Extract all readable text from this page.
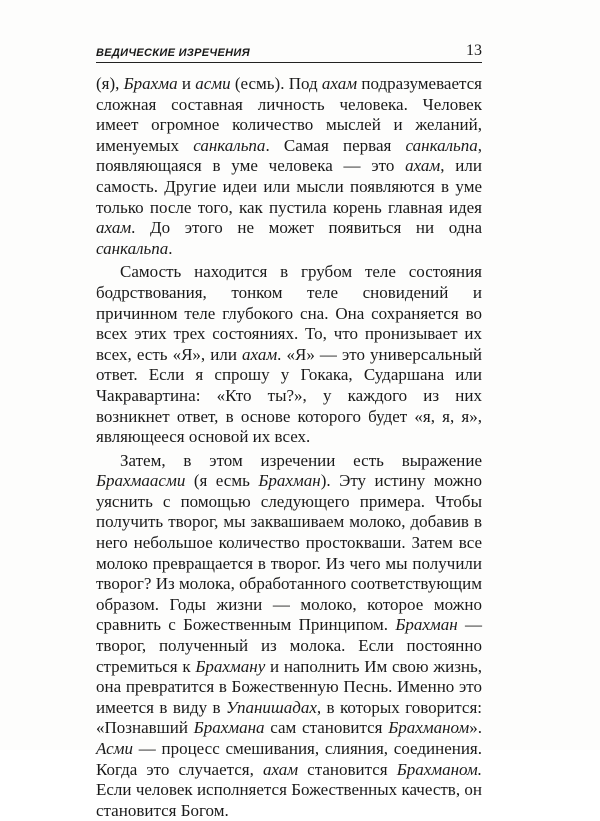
ВЕДИЧЕСКИЕ ИЗРЕЧЕНИЯ	13

(я), Брахма и асми (есмь). Под ахам подразумевается сложная составная личность человека. Человек имеет огромное количество мыслей и желаний, именуемых санкальпа. Самая первая санкальпа, появляющаяся в уме человека — это ахам, или самость. Другие идеи или мысли появляются в уме только после того, как пустила корень главная идея ахам. До этого не может появиться ни одна санкальпа.

Самость находится в грубом теле состояния бодрствования, тонком теле сновидений и причинном теле глубокого сна. Она сохраняется во всех этих трех состояниях. То, что пронизывает их всех, есть «Я», или ахам. «Я» — это универсальный ответ. Если я спрошу у Гокака, Сударшана или Чакравартина: «Кто ты?», у каждого из них возникнет ответ, в основе которого будет «я, я, я», являющееся основой их всех.

Затем, в этом изречении есть выражение Брахмаасми (я есмь Брахман). Эту истину можно уяснить с помощью следующего примера. Чтобы получить творог, мы заквашиваем молоко, добавив в него небольшое количество простокваши. Затем все молоко превращается в творог. Из чего мы получили творог? Из молока, обработанного соответствующим образом. Годы жизни — молоко, которое можно сравнить с Божественным Принципом. Брахман — творог, полученный из молока. Если постоянно стремиться к Брахману и наполнить Им свою жизнь, она превратится в Божественную Песнь. Именно это имеется в виду в Упанишадах, в которых говорится: «Познавший Брахмана сам становится Брахманом». Асми — процесс смешивания, слияния, соединения. Когда это случается, ахам становится Брахманом. Если человек исполняется Божественных качеств, он становится Богом.
